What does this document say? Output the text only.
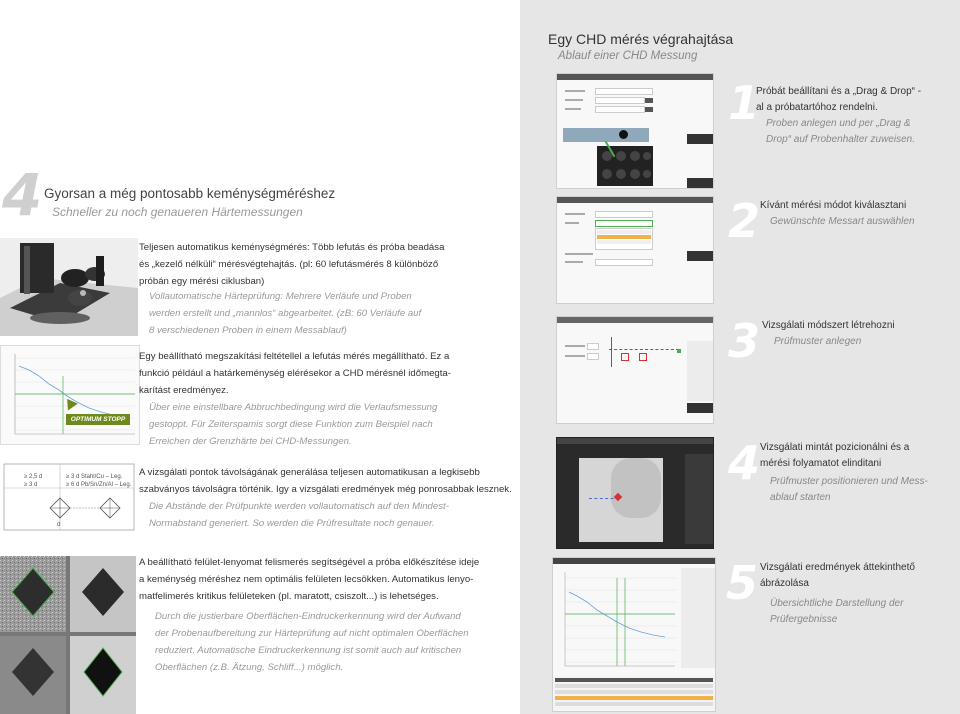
4 Gyorsan a még pontosabb keménységméréshez
Schneller zu noch genaueren Härtemessungen
Teljesen automatikus keménységmérés: Több lefutás és próba beadása
és „kezelő nélküli“ mérésvégtehajtás. (pl: 60 lefutásmérés 8 különböző
próbán egy mérési ciklusban)
Vollautomatische Härteprüfung: Mehrere Verläufe und Proben
werden erstellt und „mannlos“ abgearbeitet. (zB: 60 Verläufe auf
8 verschiedenen Proben in einem Messablauf)
OPTIMUM STOPP
Egy beállítható megszakítási feltétellel a lefutás mérés megállítható. Ez a
funkció például a határkeménység elérésekor a CHD mérésnél időmegta-
karítást eredményez.
Über eine einstellbare Abbruchbedingung wird die Verlaufsmessung
gestoppt. Für Zeiterspamis sorgt diese Funktion zum Beispiel nach
Erreichen der Grenzhärte bei CHD-Messungen.
≥ 2,5 d
≥ 3 d
≥ 3 d Stahl/Cu – Leg.
≥ 6 d Pb/Sn/Zn/Al – Leg.
d
A vizsgálati pontok távolságának generálása teljesen automatikusan a legkisebb
szabványos távolságra történik. Igy a vizsgálati eredmények még ponrosabbak lesznek.
Die Abstände der Prüfpunkte werden vollautomatisch auf den Mindest-
Normabstand generiert. So werden die Prüfresultate noch genauer.
A beállítható felület-lenyomat felismerés segítségével a próba előkészítése ideje
a keménység méréshez nem optimális felületen lecsökken. Automatikus lenyo-
matfelimerés kritikus felületeken (pl. maratott, csiszolt...) is lehetséges.
Durch die justierbare Oberflächen-Eindruckerkennung wird der Aufwand
der Probenaufbereitung zur Härteprüfung auf nicht optimalen Oberflächen
reduziert. Automatische Eindruckerkennung ist somit auch auf kritischen
Oberflächen (z.B. Ätzung, Schliff...) möglich.
Egy CHD mérés végrahajtása
Ablauf einer CHD Messung
1
Próbát beállítani és a „Drag & Drop“ -
al a próbatartóhoz rendelni.
Proben anlegen und per „Drag &
Drop“ auf Probenhalter zuweisen.
2 Kívánt mérési módot kiválasztani
Gewünschte Messart auswählen
3 Vizsgálati módszert létrehozni
Prüfmuster anlegen
4 Vizsgálati mintát pozicionálni és a
mérési folyamatot elinditani
Prüfmuster positionieren und Mess-
ablauf starten
5 Vizsgálati eredmények áttekinthető
ábrázolása
Übersichtliche Darstellung der
Prüfergebnisse
